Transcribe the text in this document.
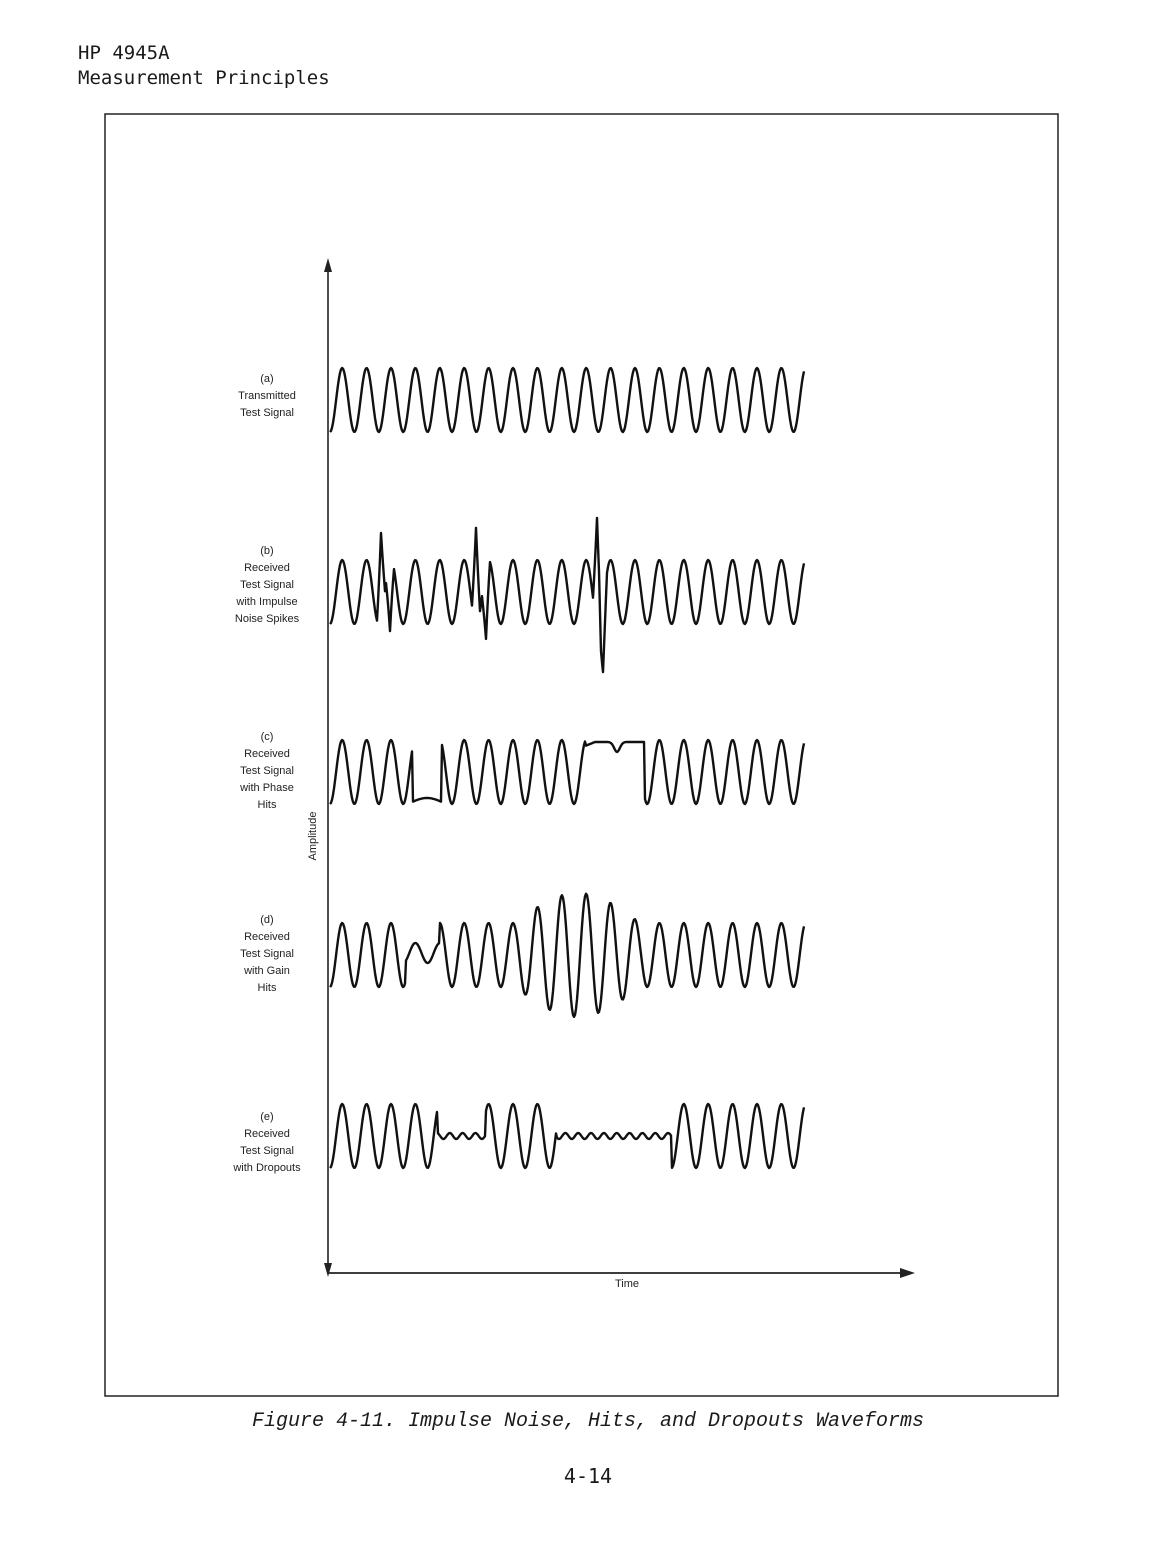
HP 4945A
Measurement Principles
Amplitude
Time
(a)
Transmitted
Test Signal
(b)
Received
Test Signal
with Impulse
Noise Spikes
(c)
Received
Test Signal
with Phase
Hits
(d)
Received
Test Signal
with Gain
Hits
(e)
Received
Test Signal
with Dropouts
Figure 4-11. Impulse Noise, Hits, and Dropouts Waveforms
4-14
